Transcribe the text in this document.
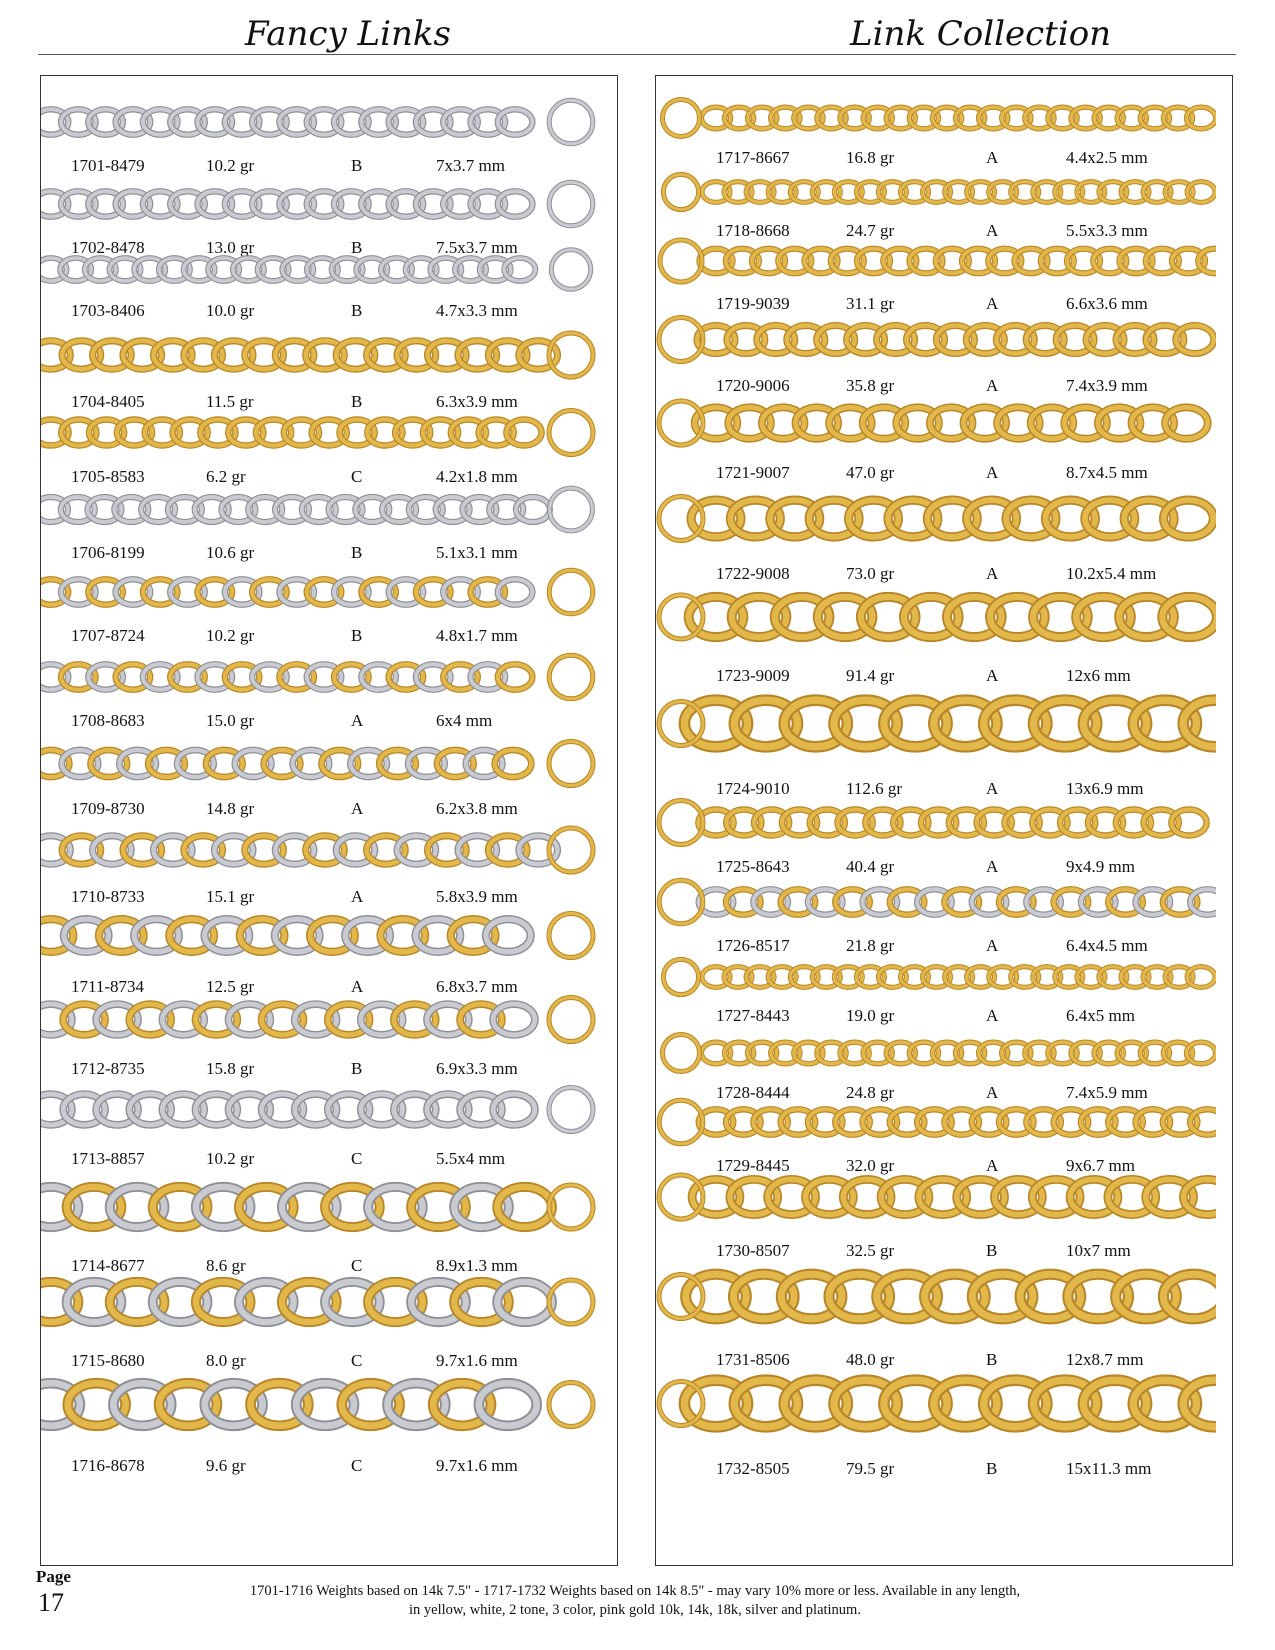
Fancy Links	Link Collection
1701-8479	10.2 gr	B	7x3.7 mm
1702-8478	13.0 gr	B	7.5x3.7 mm
1703-8406	10.0 gr	B	4.7x3.3 mm
1704-8405	11.5 gr	B	6.3x3.9 mm
1705-8583	6.2 gr	C	4.2x1.8 mm
1706-8199	10.6 gr	B	5.1x3.1 mm
1707-8724	10.2 gr	B	4.8x1.7 mm
1708-8683	15.0 gr	A	6x4 mm
1709-8730	14.8 gr	A	6.2x3.8 mm
1710-8733	15.1 gr	A	5.8x3.9 mm
1711-8734	12.5 gr	A	6.8x3.7 mm
1712-8735	15.8 gr	B	6.9x3.3 mm
1713-8857	10.2 gr	C	5.5x4 mm
1714-8677	8.6 gr	C	8.9x1.3 mm
1715-8680	8.0 gr	C	9.7x1.6 mm
1716-8678	9.6 gr	C	9.7x1.6 mm
1717-8667	16.8 gr	A	4.4x2.5 mm
1718-8668	24.7 gr	A	5.5x3.3 mm
1719-9039	31.1 gr	A	6.6x3.6 mm
1720-9006	35.8 gr	A	7.4x3.9 mm
1721-9007	47.0 gr	A	8.7x4.5 mm
1722-9008	73.0 gr	A	10.2x5.4 mm
1723-9009	91.4 gr	A	12x6 mm
1724-9010	112.6 gr	A	13x6.9 mm
1725-8643	40.4 gr	A	9x4.9 mm
1726-8517	21.8 gr	A	6.4x4.5 mm
1727-8443	19.0 gr	A	6.4x5 mm
1728-8444	24.8 gr	A	7.4x5.9 mm
1729-8445	32.0 gr	A	9x6.7 mm
1730-8507	32.5 gr	B	10x7 mm
1731-8506	48.0 gr	B	12x8.7 mm
1732-8505	79.5 gr	B	15x11.3 mm
Page
17	1701-1716 Weights based on 14k 7.5" - 1717-1732 Weights based on 14k 8.5" - may vary 10% more or less. Available in any length,
in yellow, white, 2 tone, 3 color, pink gold 10k, 14k, 18k, silver and platinum.
